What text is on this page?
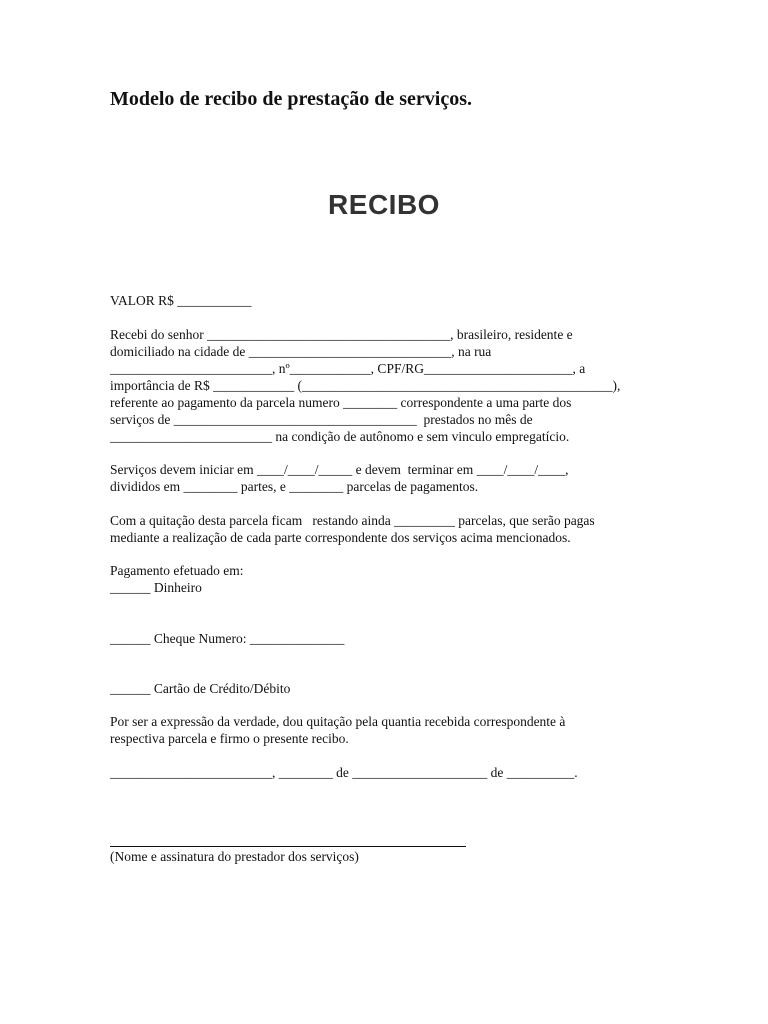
Modelo de recibo de prestação de serviços.
RECIBO
VALOR R$ ___________
Recebi do senhor ____________________________________, brasileiro, residente e
domiciliado na cidade de ______________________________, na rua
________________________, nº____________, CPF/RG______________________, a
importância de R$ ____________ (______________________________________________),
referente ao pagamento da parcela numero ________ correspondente a uma parte dos
serviços de ____________________________________  prestados no mês de
________________________ na condição de autônomo e sem vinculo empregatício.
Serviços devem iniciar em ____/____/_____ e devem  terminar em ____/____/____,
divididos em ________ partes, e ________ parcelas de pagamentos.
Com a quitação desta parcela ficam   restando ainda _________ parcelas, que serão pagas
mediante a realização de cada parte correspondente dos serviços acima mencionados.
Pagamento efetuado em:
______ Dinheiro
______ Cheque Numero: ______________
______ Cartão de Crédito/Débito
Por ser a expressão da verdade, dou quitação pela quantia recebida correspondente à
respectiva parcela e firmo o presente recibo.
________________________, ________ de ____________________ de __________.
(Nome e assinatura do prestador dos serviços)
